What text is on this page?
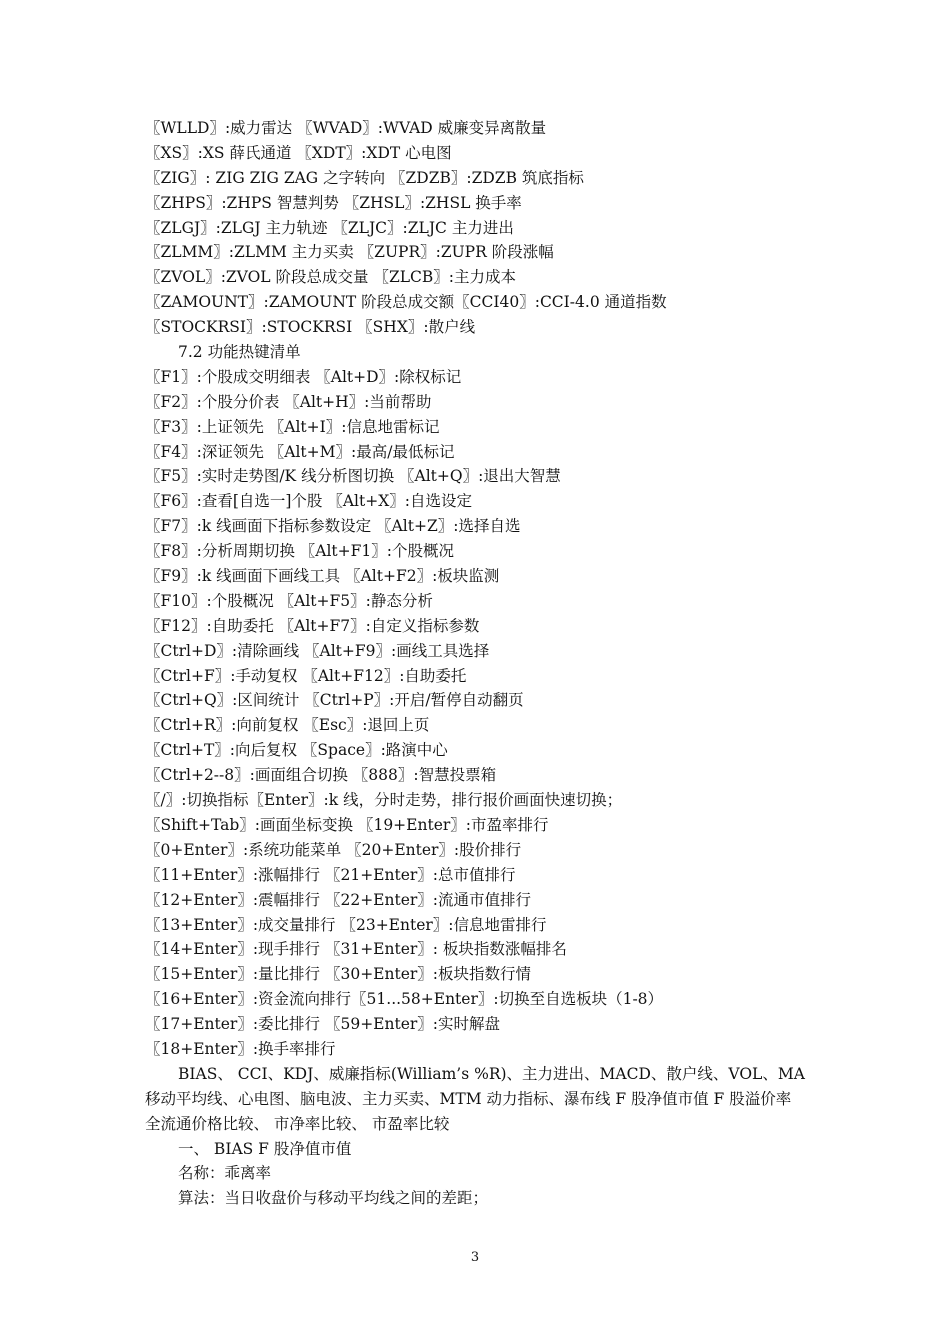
〖WLLD〗:威力雷达 〖WVAD〗:WVAD 威廉变异离散量
〖XS〗:XS 薛氏通道 〖XDT〗:XDT 心电图
〖ZIG〗: ZIG ZIG ZAG 之字转向 〖ZDZB〗:ZDZB 筑底指标
〖ZHPS〗:ZHPS 智慧判势 〖ZHSL〗:ZHSL 换手率
〖ZLGJ〗:ZLGJ 主力轨迹 〖ZLJC〗:ZLJC 主力进出
〖ZLMM〗:ZLMM 主力买卖 〖ZUPR〗:ZUPR 阶段涨幅
〖ZVOL〗:ZVOL 阶段总成交量 〖ZLCB〗:主力成本
〖ZAMOUNT〗:ZAMOUNT 阶段总成交额〖CCI40〗:CCI-4.0 通道指数
〖STOCKRSI〗:STOCKRSI 〖SHX〗:散户线
7.2 功能热键清单
〖F1〗:个股成交明细表 〖Alt+D〗:除权标记
〖F2〗:个股分价表 〖Alt+H〗:当前帮助
〖F3〗:上证领先 〖Alt+I〗:信息地雷标记
〖F4〗:深证领先 〖Alt+M〗:最高/最低标记
〖F5〗:实时走势图/K 线分析图切换 〖Alt+Q〗:退出大智慧
〖F6〗:查看[自选一]个股 〖Alt+X〗:自选设定
〖F7〗:k 线画面下指标参数设定 〖Alt+Z〗:选择自选
〖F8〗:分析周期切换 〖Alt+F1〗:个股概况
〖F9〗:k 线画面下画线工具 〖Alt+F2〗:板块监测
〖F10〗:个股概况 〖Alt+F5〗:静态分析
〖F12〗:自助委托 〖Alt+F7〗:自定义指标参数
〖Ctrl+D〗:清除画线 〖Alt+F9〗:画线工具选择
〖Ctrl+F〗:手动复权 〖Alt+F12〗:自助委托
〖Ctrl+Q〗:区间统计 〖Ctrl+P〗:开启/暂停自动翻页
〖Ctrl+R〗:向前复权 〖Esc〗:退回上页
〖Ctrl+T〗:向后复权 〖Space〗:路演中心
〖Ctrl+2--8〗:画面组合切换 〖888〗:智慧投票箱
〖/〗:切换指标〖Enter〗:k 线，分时走势，排行报价画面快速切换；
〖Shift+Tab〗:画面坐标变换 〖19+Enter〗:市盈率排行
〖0+Enter〗:系统功能菜单 〖20+Enter〗:股价排行
〖11+Enter〗:涨幅排行 〖21+Enter〗:总市值排行
〖12+Enter〗:震幅排行 〖22+Enter〗:流通市值排行
〖13+Enter〗:成交量排行 〖23+Enter〗:信息地雷排行
〖14+Enter〗:现手排行 〖31+Enter〗: 板块指数涨幅排名
〖15+Enter〗:量比排行 〖30+Enter〗:板块指数行情
〖16+Enter〗:资金流向排行〖51...58+Enter〗:切换至自选板块（1-8）
〖17+Enter〗:委比排行 〖59+Enter〗:实时解盘
〖18+Enter〗:换手率排行
BIAS、 CCI、KDJ、威廉指标(William’s %R)、主力进出、MACD、散户线、VOL、MA 移动平均线、心电图、脑电波、主力买卖、MTM 动力指标、瀑布线 F 股净值市值 F 股溢价率 全流通价格比较、 市净率比较、 市盈率比较
一、 BIAS F 股净值市值
名称：乖离率
算法：当日收盘价与移动平均线之间的差距；
3
